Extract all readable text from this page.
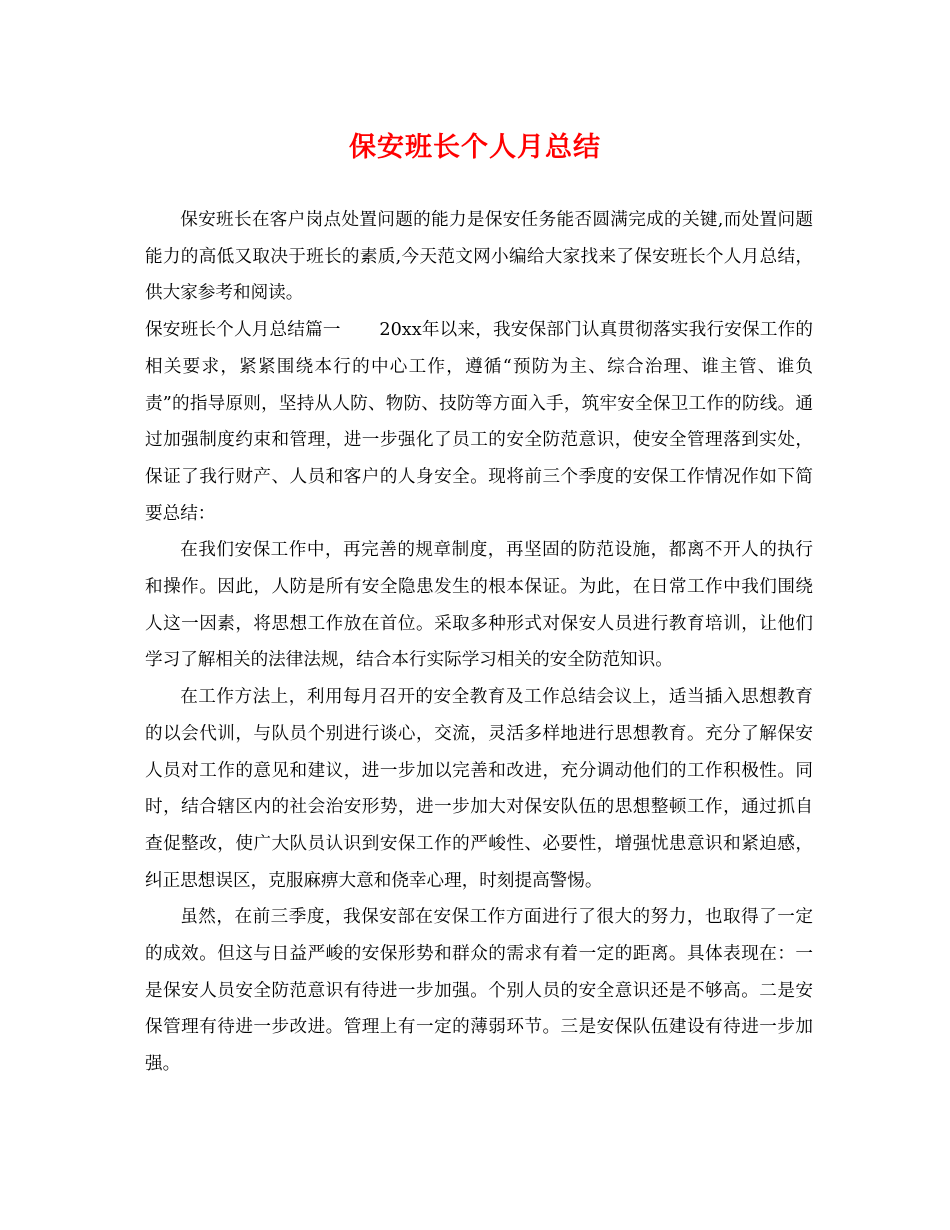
保安班长个人月总结

保安班长在客户岗点处置问题的能力是保安任务能否圆满完成的关键,而处置问题能力的高低又取决于班长的素质,今天范文网小编给大家找来了保安班长个人月总结，供大家参考和阅读。

保安班长个人月总结篇一 20xx年以来，我安保部门认真贯彻落实我行安保工作的相关要求，紧紧围绕本行的中心工作，遵循“预防为主、综合治理、谁主管、谁负责”的指导原则，坚持从人防、物防、技防等方面入手，筑牢安全保卫工作的防线。通过加强制度约束和管理，进一步强化了员工的安全防范意识，使安全管理落到实处，保证了我行财产、人员和客户的人身安全。现将前三个季度的安保工作情况作如下简要总结：

在我们安保工作中，再完善的规章制度，再坚固的防范设施，都离不开人的执行和操作。因此，人防是所有安全隐患发生的根本保证。为此，在日常工作中我们围绕人这一因素，将思想工作放在首位。采取多种形式对保安人员进行教育培训，让他们学习了解相关的法律法规，结合本行实际学习相关的安全防范知识。

在工作方法上，利用每月召开的安全教育及工作总结会议上，适当插入思想教育的以会代训，与队员个别进行谈心，交流，灵活多样地进行思想教育。充分了解保安人员对工作的意见和建议，进一步加以完善和改进，充分调动他们的工作积极性。同时，结合辖区内的社会治安形势，进一步加大对保安队伍的思想整顿工作，通过抓自查促整改，使广大队员认识到安保工作的严峻性、必要性，增强忧患意识和紧迫感，纠正思想误区，克服麻痹大意和侥幸心理，时刻提高警惕。

虽然，在前三季度，我保安部在安保工作方面进行了很大的努力，也取得了一定的成效。但这与日益严峻的安保形势和群众的需求有着一定的距离。具体表现在：一是保安人员安全防范意识有待进一步加强。个别人员的安全意识还是不够高。二是安保管理有待进一步改进。管理上有一定的薄弱环节。三是安保队伍建设有待进一步加强。
